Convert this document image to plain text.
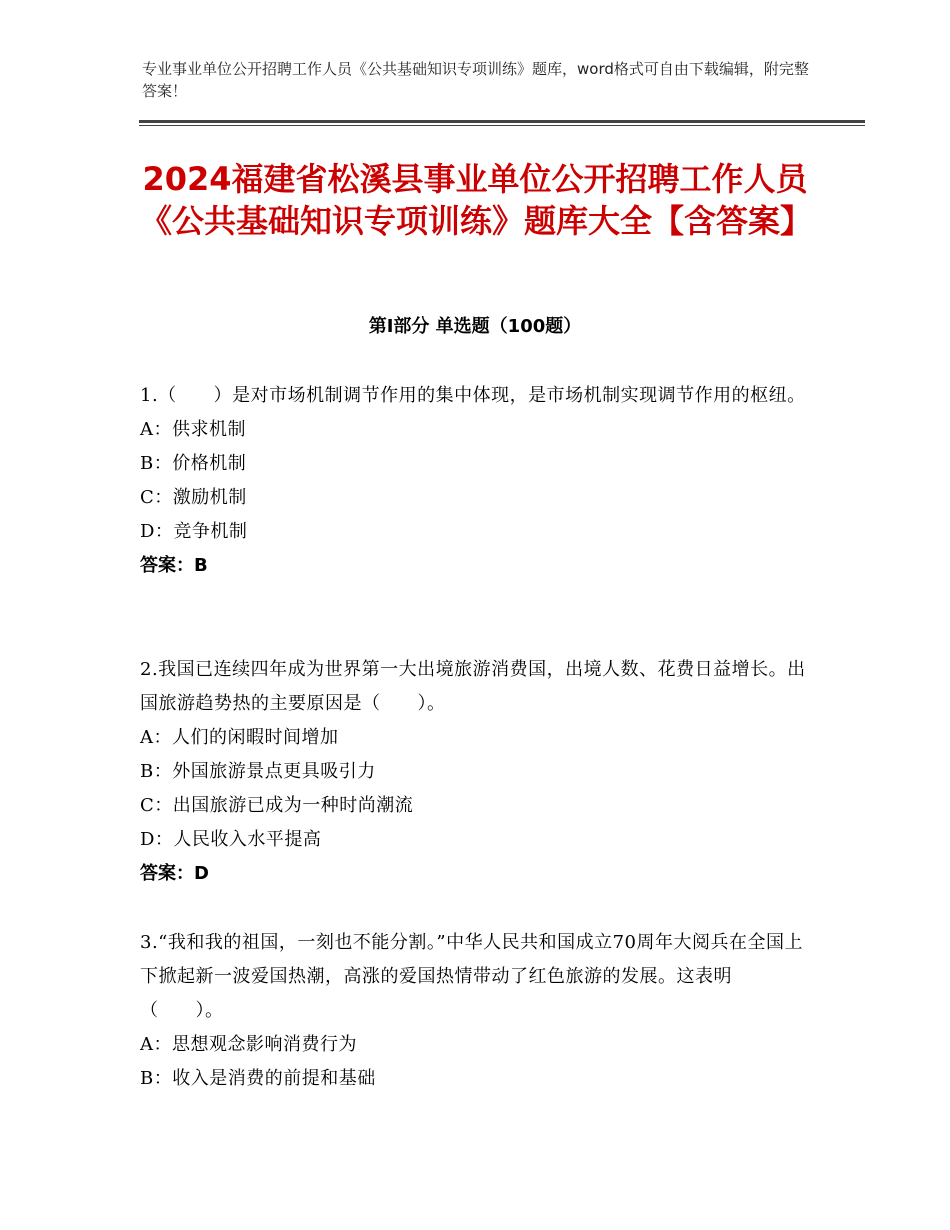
专业事业单位公开招聘工作人员《公共基础知识专项训练》题库，word格式可自由下载编辑，附完整答案！
2024福建省松溪县事业单位公开招聘工作人员《公共基础知识专项训练》题库大全【含答案】
第Ⅰ部分 单选题（100题）
1.（　　）是对市场机制调节作用的集中体现，是市场机制实现调节作用的枢纽。
A：供求机制
B：价格机制
C：激励机制
D：竞争机制
答案：B
2.我国已连续四年成为世界第一大出境旅游消费国，出境人数、花费日益增长。出国旅游趋势热的主要原因是（　　）。
A：人们的闲暇时间增加
B：外国旅游景点更具吸引力
C：出国旅游已成为一种时尚潮流
D：人民收入水平提高
答案：D
3.“我和我的祖国，一刻也不能分割。”中华人民共和国成立70周年大阅兵在全国上下掀起新一波爱国热潮，高涨的爱国热情带动了红色旅游的发展。这表明（　　）。
A：思想观念影响消费行为
B：收入是消费的前提和基础
